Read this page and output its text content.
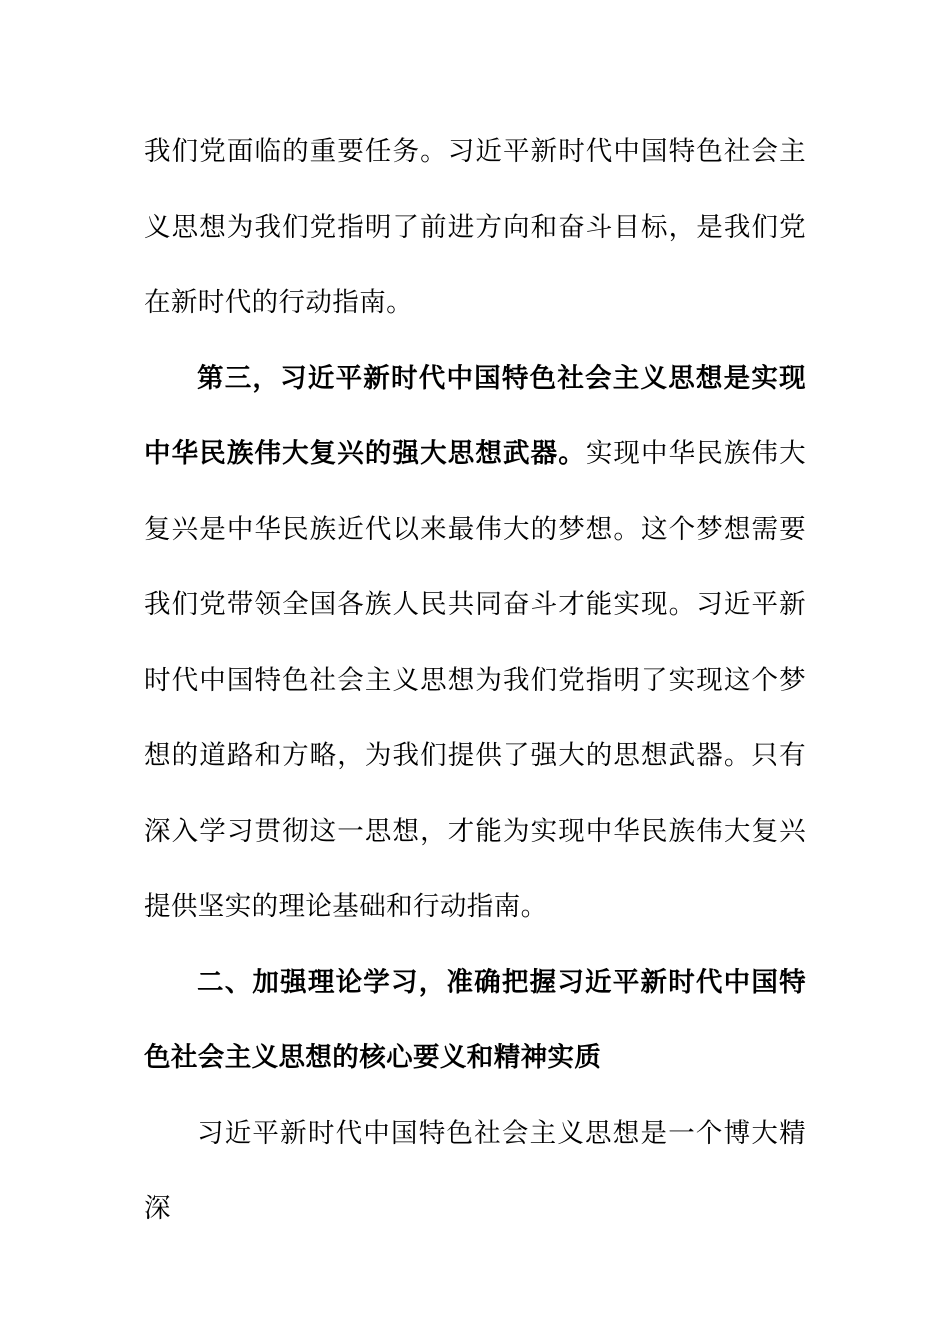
我们党面临的重要任务。习近平新时代中国特色社会主义思想为我们党指明了前进方向和奋斗目标，是我们党在新时代的行动指南。

第三，习近平新时代中国特色社会主义思想是实现中华民族伟大复兴的强大思想武器。实现中华民族伟大复兴是中华民族近代以来最伟大的梦想。这个梦想需要我们党带领全国各族人民共同奋斗才能实现。习近平新时代中国特色社会主义思想为我们党指明了实现这个梦想的道路和方略，为我们提供了强大的思想武器。只有深入学习贯彻这一思想，才能为实现中华民族伟大复兴提供坚实的理论基础和行动指南。

二、加强理论学习，准确把握习近平新时代中国特色社会主义思想的核心要义和精神实质

习近平新时代中国特色社会主义思想是一个博大精深
